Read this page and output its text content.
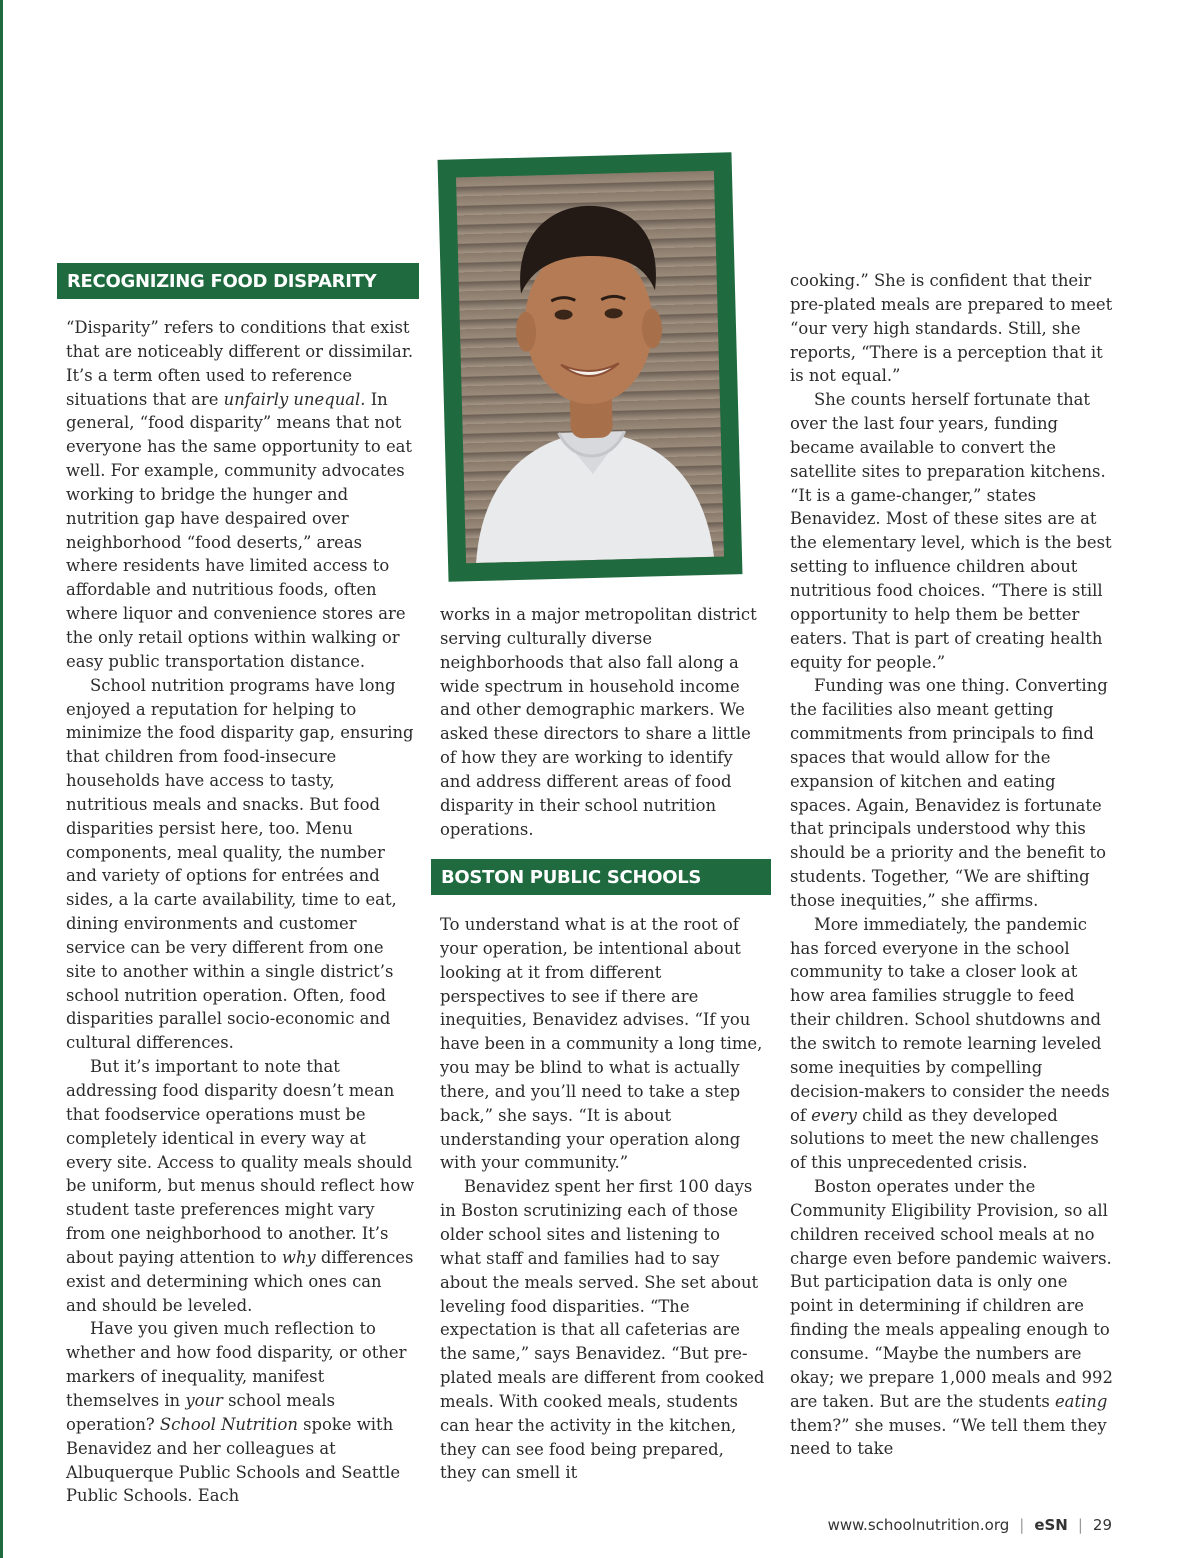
RECOGNIZING FOOD DISPARITY

“Disparity” refers to conditions that exist that are noticeably different or dissimilar. It’s a term often used to reference situations that are unfairly unequal. In general, “food disparity” means that not everyone has the same opportunity to eat well. For example, community advocates working to bridge the hunger and nutrition gap have despaired over neighborhood “food deserts,” areas where residents have limited access to affordable and nutritious foods, often where liquor and convenience stores are the only retail options within walking or easy public transportation distance.

School nutrition programs have long enjoyed a reputation for helping to minimize the food disparity gap, ensuring that children from food-insecure households have access to tasty, nutritious meals and snacks. But food disparities persist here, too. Menu components, meal quality, the number and variety of options for entrées and sides, a la carte availability, time to eat, dining environments and customer service can be very different from one site to another within a single district’s school nutrition operation. Often, food disparities parallel socio-economic and cultural differences.

But it’s important to note that addressing food disparity doesn’t mean that foodservice operations must be completely identical in every way at every site. Access to quality meals should be uniform, but menus should reflect how student taste preferences might vary from one neighborhood to another. It’s about paying attention to why differences exist and determining which ones can and should be leveled.

Have you given much reflection to whether and how food disparity, or other markers of inequality, manifest themselves in your school meals operation? School Nutrition spoke with Benavidez and her colleagues at Albuquerque Public Schools and Seattle Public Schools. Each

works in a major metropolitan district serving culturally diverse neighborhoods that also fall along a wide spectrum in household income and other demographic markers. We asked these directors to share a little of how they are working to identify and address different areas of food disparity in their school nutrition operations.

BOSTON PUBLIC SCHOOLS

To understand what is at the root of your operation, be intentional about looking at it from different perspectives to see if there are inequities, Benavidez advises. “If you have been in a community a long time, you may be blind to what is actually there, and you’ll need to take a step back,” she says. “It is about understanding your operation along with your community.”

Benavidez spent her first 100 days in Boston scrutinizing each of those older school sites and listening to what staff and families had to say about the meals served. She set about leveling food disparities. “The expectation is that all cafeterias are the same,” says Benavidez. “But pre-plated meals are different from cooked meals. With cooked meals, students can hear the activity in the kitchen, they can see food being prepared, they can smell it

cooking.” She is confident that their pre-plated meals are prepared to meet “our very high standards. Still, she reports, “There is a perception that it is not equal.”

She counts herself fortunate that over the last four years, funding became available to convert the satellite sites to preparation kitchens. “It is a game-changer,” states Benavidez. Most of these sites are at the elementary level, which is the best setting to influence children about nutritious food choices. “There is still opportunity to help them be better eaters. That is part of creating health equity for people.”

Funding was one thing. Converting the facilities also meant getting commitments from principals to find spaces that would allow for the expansion of kitchen and eating spaces. Again, Benavidez is fortunate that principals understood why this should be a priority and the benefit to students. Together, “We are shifting those inequities,” she affirms.

More immediately, the pandemic has forced everyone in the school community to take a closer look at how area families struggle to feed their children. School shutdowns and the switch to remote learning leveled some inequities by compelling decision-makers to consider the needs of every child as they developed solutions to meet the new challenges of this unprecedented crisis.

Boston operates under the Community Eligibility Provision, so all children received school meals at no charge even before pandemic waivers. But participation data is only one point in determining if children are finding the meals appealing enough to consume. “Maybe the numbers are okay; we prepare 1,000 meals and 992 are taken. But are the students eating them?” she muses. “We tell them they need to take

www.schoolnutrition.org | eSN | 29
